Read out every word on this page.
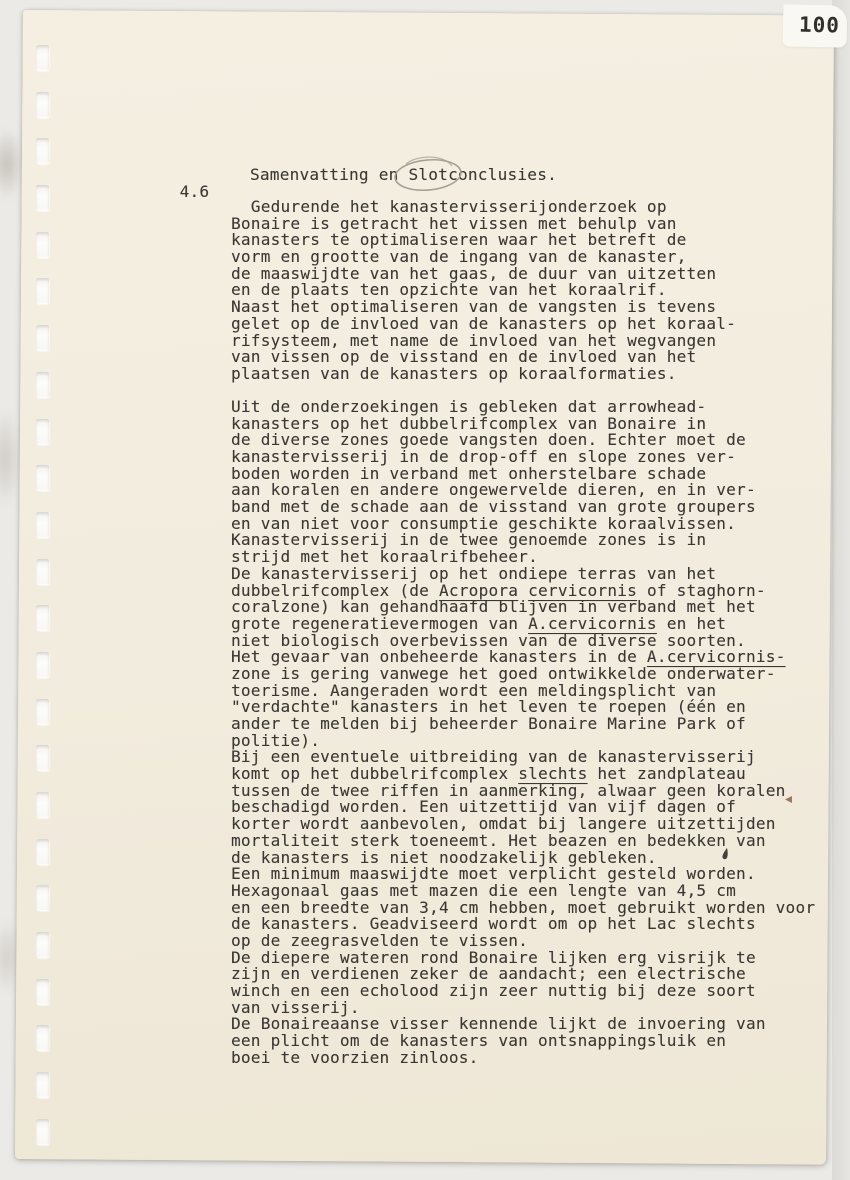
100

4.6

Samenvatting en
Slotconclusies.

Gedurende het kanastervisserijonderzoek op
Bonaire is getracht het vissen met behulp van
kanasters te optimaliseren waar het betreft de
vorm en grootte van de ingang van de kanaster,
de maaswijdte van het gaas, de duur van uitzetten
en de plaats ten opzichte van het koraalrif.
Naast het optimaliseren van de vangsten is tevens
gelet op de invloed van de kanasters op het koraal-
rifsysteem, met name de invloed van het wegvangen
van vissen op de visstand en de invloed van het
plaatsen van de kanasters op koraalformaties.
Uit de onderzoekingen is gebleken dat arrowhead-
kanasters op het dubbelrifcomplex van Bonaire in
de diverse zones goede vangsten doen. Echter moet de
kanastervisserij in de drop-off en slope zones ver-
boden worden in verband met onherstelbare schade
aan koralen en andere ongewervelde dieren, en in ver-
band met de schade aan de visstand van grote groupers
en van niet voor consumptie geschikte koraalvissen.
Kanastervisserij in de twee genoemde zones is in
strijd met het koraalrifbeheer.
De kanastervisserij op het ondiepe terras van het
dubbelrifcomplex (de Acropora cervicornis of staghorn-
coralzone) kan gehandhaafd blijven in verband met het
grote regeneratievermogen van A.cervicornis en het
niet biologisch overbevissen van de diverse soorten.
Het gevaar van onbeheerde kanasters in de A.cervicornis-
zone is gering vanwege het goed ontwikkelde onderwater-
toerisme. Aangeraden wordt een meldingsplicht van
"verdachte" kanasters in het leven te roepen (één en
ander te melden bij beheerder Bonaire Marine Park of
politie).
Bij een eventuele uitbreiding van de kanastervisserij
komt op het dubbelrifcomplex slechts het zandplateau
tussen de twee riffen in aanmerking, alwaar geen koralen
beschadigd worden. Een uitzettijd van vijf dagen of
korter wordt aanbevolen, omdat bij langere uitzettijden
mortaliteit sterk toeneemt. Het beazen en bedekken van
de kanasters is niet noodzakelijk gebleken.
Een minimum maaswijdte moet verplicht gesteld worden.
Hexagonaal gaas met mazen die een lengte van 4,5 cm
en een breedte van 3,4 cm hebben, moet gebruikt worden voor
de kanasters. Geadviseerd wordt om op het Lac slechts
op de zeegrasvelden te vissen.
De diepere wateren rond Bonaire lijken erg visrijk te
zijn en verdienen zeker de aandacht; een electrische
winch en een echolood zijn zeer nuttig bij deze soort
van visserij.
De Bonaireaanse visser kennende lijkt de invoering van
een plicht om de kanasters van ontsnappingsluik en
boei te voorzien zinloos.
